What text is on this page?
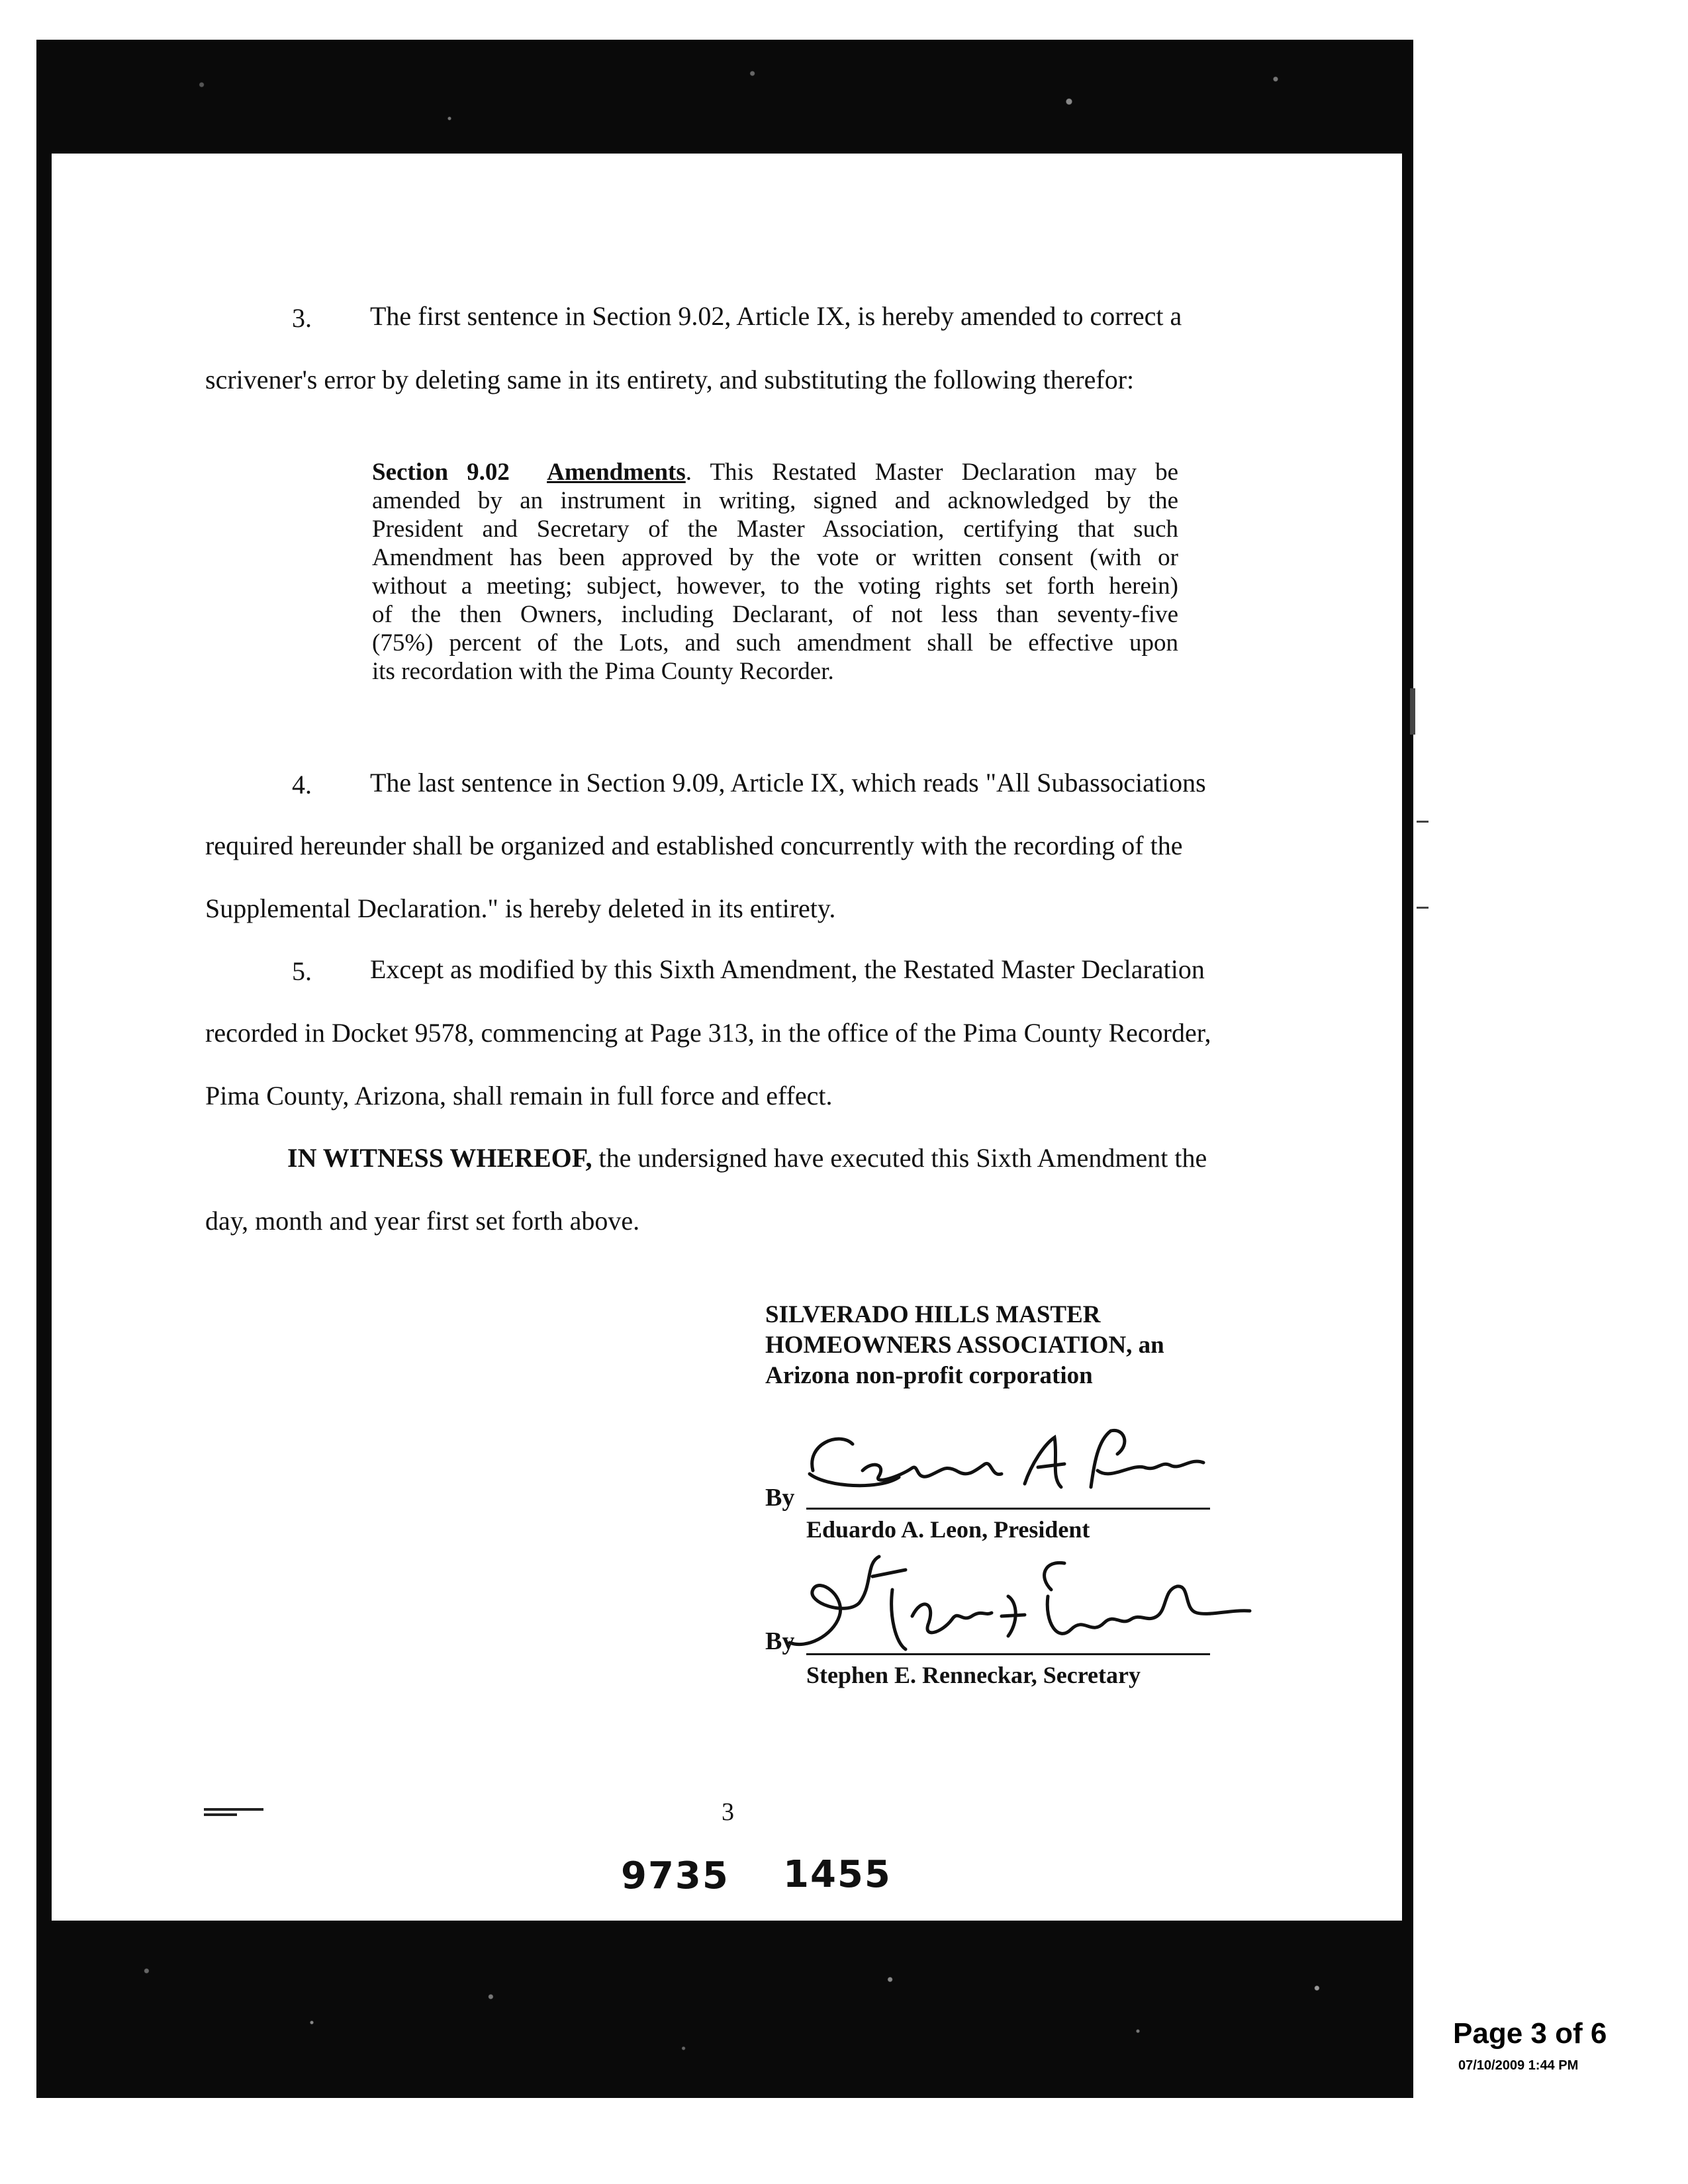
3. The first sentence in Section 9.02, Article IX, is hereby amended to correct a
scrivener's error by deleting same in its entirety, and substituting the following therefor:
Section 9.02 Amendments. This Restated Master Declaration may be
amended by an instrument in writing, signed and acknowledged by the
President and Secretary of the Master Association, certifying that such
Amendment has been approved by the vote or written consent (with or
without a meeting; subject, however, to the voting rights set forth herein)
of the then Owners, including Declarant, of not less than seventy-five
(75%) percent of the Lots, and such amendment shall be effective upon
its recordation with the Pima County Recorder.
4. The last sentence in Section 9.09, Article IX, which reads "All Subassociations
required hereunder shall be organized and established concurrently with the recording of the
Supplemental Declaration." is hereby deleted in its entirety.
5. Except as modified by this Sixth Amendment, the Restated Master Declaration
recorded in Docket 9578, commencing at Page 313, in the office of the Pima County Recorder,
Pima County, Arizona, shall remain in full force and effect.
IN WITNESS WHEREOF, the undersigned have executed this Sixth Amendment the
day, month and year first set forth above.
SILVERADO HILLS MASTER
HOMEOWNERS ASSOCIATION, an
Arizona non-profit corporation
By
Eduardo A. Leon, President
By
Stephen E. Renneckar, Secretary
3
9735 1455
Page 3 of 6
07/10/2009 1:44 PM
